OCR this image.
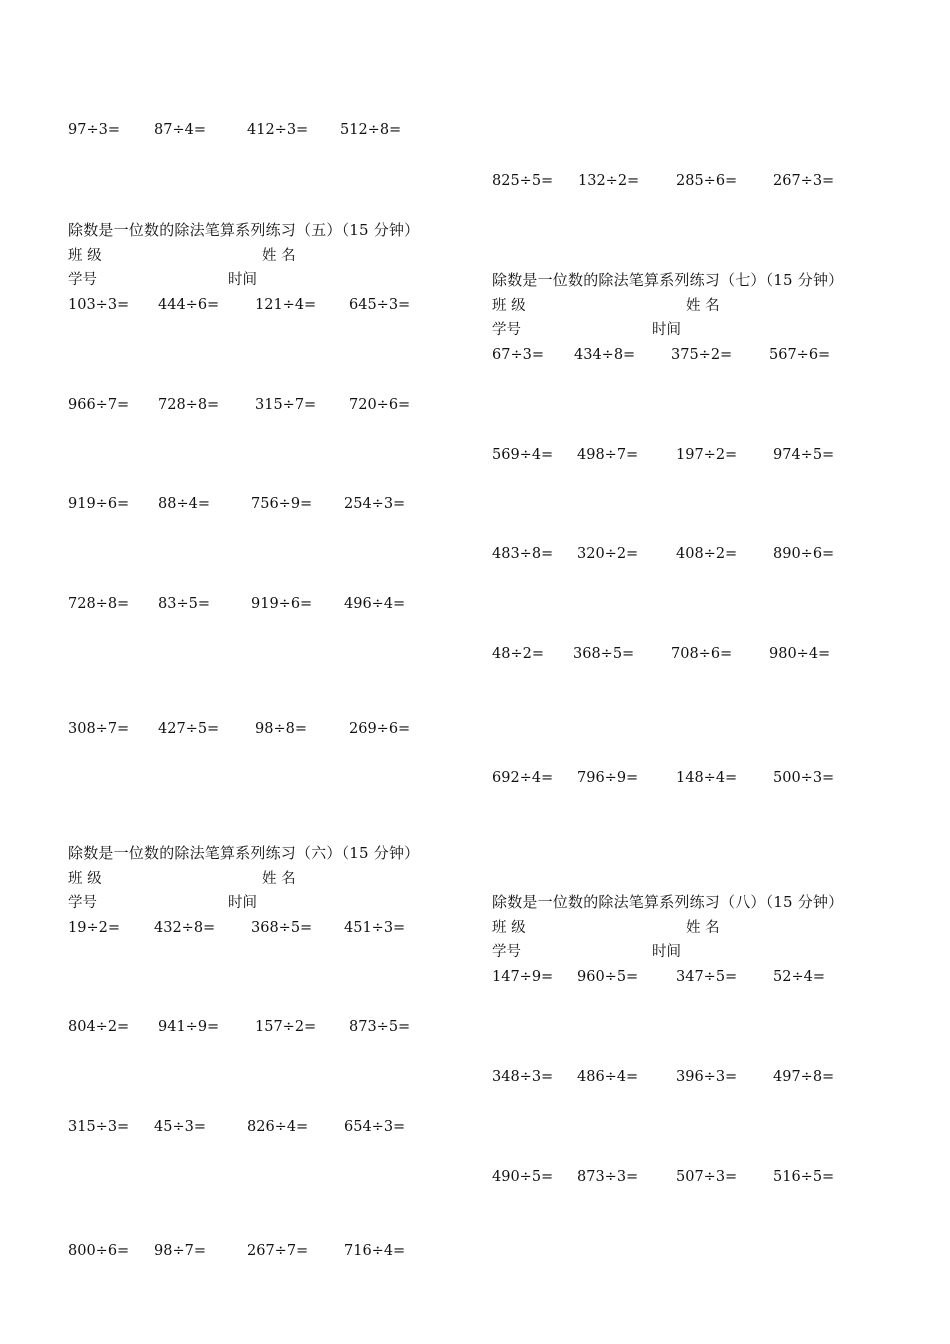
97÷3= 87÷4=	412÷3= 512÷8=
除数是一位数的除法笔算系列练习（五）（15 分钟）
班 级	姓 名
学号	时间
103÷3= 444÷6= 121÷4= 645÷3=
966÷7= 728÷8= 315÷7= 720÷6=
919÷6= 88÷4=	756÷9= 254÷3=
728÷8= 83÷5=	919÷6= 496÷4=
308÷7= 427÷5= 98÷8=	269÷6=
除数是一位数的除法笔算系列练习（六）（15 分钟）
班 级	姓 名
学号	时间
19÷2= 432÷8= 368÷5= 451÷3=
804÷2= 941÷9= 157÷2= 873÷5=
315÷3= 45÷3=	826÷4= 654÷3=
800÷6= 98÷7=	267÷7= 716÷4=
825÷5= 132÷2=	285÷6= 267÷3=
除数是一位数的除法笔算系列练习（七）（15 分钟）
班 级	姓 名
学号	时间
67÷3= 434÷8= 375÷2=	567÷6=
569÷4= 498÷7=	197÷2= 974÷5=
483÷8= 320÷2=	408÷2= 890÷6=
48÷2= 368÷5=	708÷6=	980÷4=
692÷4= 796÷9=	148÷4= 500÷3=
除数是一位数的除法笔算系列练习（八）（15 分钟）
班 级	姓 名
学号	时间
147÷9= 960÷5=	347÷5= 52÷4=
348÷3= 486÷4=	396÷3= 497÷8=
490÷5= 873÷3=	507÷3= 516÷5=
